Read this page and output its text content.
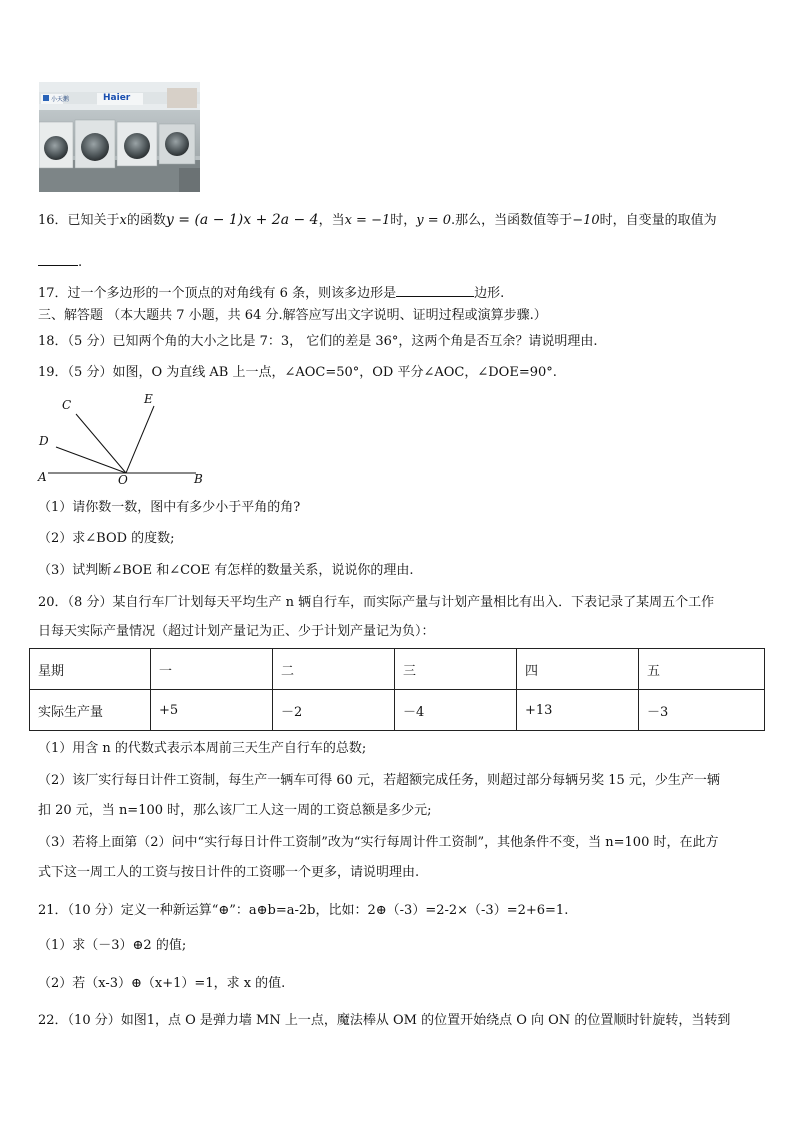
小天鹅	Haier
16．已知关于x的函数y = (a − 1)x + 2a − 4，当x = −1时，y = 0.那么，当函数值等于−10时，自变量的取值为
.
17．过一个多边形的一个顶点的对角线有 6 条，则该多边形是	边形.
三、解答题 （本大题共 7 小题，共 64 分.解答应写出文字说明、证明过程或演算步骤.）
18．（5 分）已知两个角的大小之比是 7：3， 它们的差是 36°，这两个角是否互余？请说明理由.
19．（5 分）如图，O 为直线 AB 上一点，∠AOC=50°，OD 平分∠AOC，∠DOE=90°.
C	E
D
A	O	B
（1）请你数一数，图中有多少小于平角的角?
（2）求∠BOD 的度数;
（3）试判断∠BOE 和∠COE 有怎样的数量关系，说说你的理由.
20．（8 分）某自行车厂计划每天平均生产 n 辆自行车，而实际产量与计划产量相比有出入．下表记录了某周五个工作
日每天实际产量情况（超过计划产量记为正、少于计划产量记为负）：
星期	一	二	三	四	五
实际生产量	+5	－2	－4	+13	－3
（1）用含 n 的代数式表示本周前三天生产自行车的总数;
（2）该厂实行每日计件工资制，每生产一辆车可得 60 元，若超额完成任务，则超过部分每辆另奖 15 元，少生产一辆
扣 20 元，当 n=100 时，那么该厂工人这一周的工资总额是多少元;
（3）若将上面第（2）问中“实行每日计件工资制”改为“实行每周计件工资制”，其他条件不变，当 n=100 时，在此方
式下这一周工人的工资与按日计件的工资哪一个更多，请说明理由.
21．（10 分）定义一种新运算“⊕”：a⊕b=a-2b，比如：2⊕（-3）=2-2×（-3）=2+6=1.
（1）求（－3）⊕2 的值;
（2）若（x-3）⊕（x+1）=1，求 x 的值.
22．（10 分）如图1，点 O 是弹力墙 MN 上一点，魔法棒从 OM 的位置开始绕点 O 向 ON 的位置顺时针旋转，当转到
